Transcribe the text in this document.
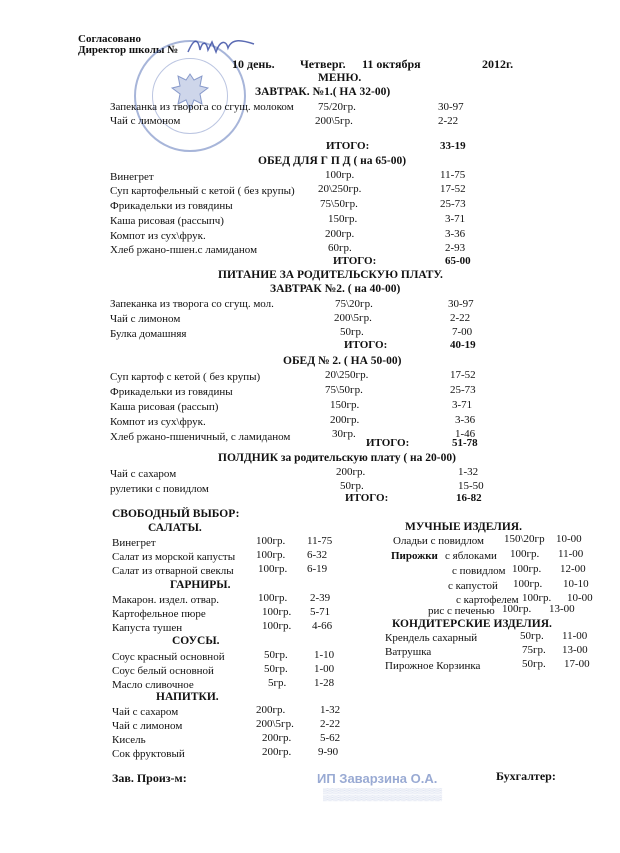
Согласовано
Директор школы №
10 день. Четверг. 11 октября	2012г.
МЕНЮ.
ЗАВТРАК. №1.( НА 32-00)
Запеканка из творога со сгущ. молоком 75/20гр.	30-97
Чай с лимоном	200\5гр.	2-22
ИТОГО:	33-19
ОБЕД ДЛЯ Г П Д ( на 65-00)
Винегрет	100гр.	11-75
Суп картофельный с кетой ( без крупы) 20\250гр.	17-52
Фрикадельки из говядины	75\50гр.	25-73
Каша рисовая (рассыпч)	150гр.	3-71
Компот из сух\фрук.	200гр.	3-36
Хлеб ржано-пшен.с ламиданом	60гр.	2-93
ИТОГО:	65-00
ПИТАНИЕ ЗА РОДИТЕЛЬСКУЮ ПЛАТУ.
ЗАВТРАК №2. ( на 40-00)
Запеканка из творога со сгущ. мол.	75\20гр.	30-97
Чай с лимоном	200\5гр.	2-22
Булка домашняя	50гр.	7-00
ИТОГО:	40-19
ОБЕД № 2. ( НА 50-00)
Суп картоф с кетой ( без крупы)	20\250гр.	17-52
Фрикадельки из говядины	75\50гр.	25-73
Каша рисовая (рассып)	150гр.	3-71
Компот из сух\фрук.	200гр.	3-36
Хлеб ржано-пшеничный, с ламиданом	30гр.	1-46
ИТОГО:	51-78
ПОЛДНИК за родительскую плату ( на 20-00)
Чай с сахаром	200гр.	1-32
рулетики с повидлом	50гр.	15-50
ИТОГО:	16-82
СВОБОДНЫЙ ВЫБОР:
САЛАТЫ.
Винегрет	100гр. 11-75
Салат из морской капусты 100гр. 6-32
Салат из отварной свеклы 100гр. 6-19
ГАРНИРЫ.
Макарон. издел. отвар.	100гр. 2-39
Картофельное пюре	100гр. 5-71
Капуста тушен	100гр. 4-66
СОУСЫ.
Соус красный основной	50гр. 1-10
Соус белый основной	50гр. 1-00
Масло сливочное	5гр.	1-28
НАПИТКИ.
Чай с сахаром	200гр.	1-32
Чай с лимоном	200\5гр. 2-22
Кисель	200гр.	5-62
Сок фруктовый	200гр. 9-90
МУЧНЫЕ ИЗДЕЛИЯ.
Оладьи с повидлом 150\20гр 10-00
Пирожки с яблоками 100гр. 11-00
с повидлом 100гр. 12-00
с капустой 100гр. 10-10
с картофелем 100гр. 10-00
рис с печенью 100гр. 13-00
КОНДИТЕРСКИЕ ИЗДЕЛИЯ.
Крендель сахарный	50гр. 11-00
Ватрушка	75гр. 13-00
Пирожное Корзинка	50гр. 17-00
Зав. Произ-м:	ИП Заварзина О.А.
▒▒▒▒▒▒▒▒▒▒▒▒▒▒
Бухгалтер:
